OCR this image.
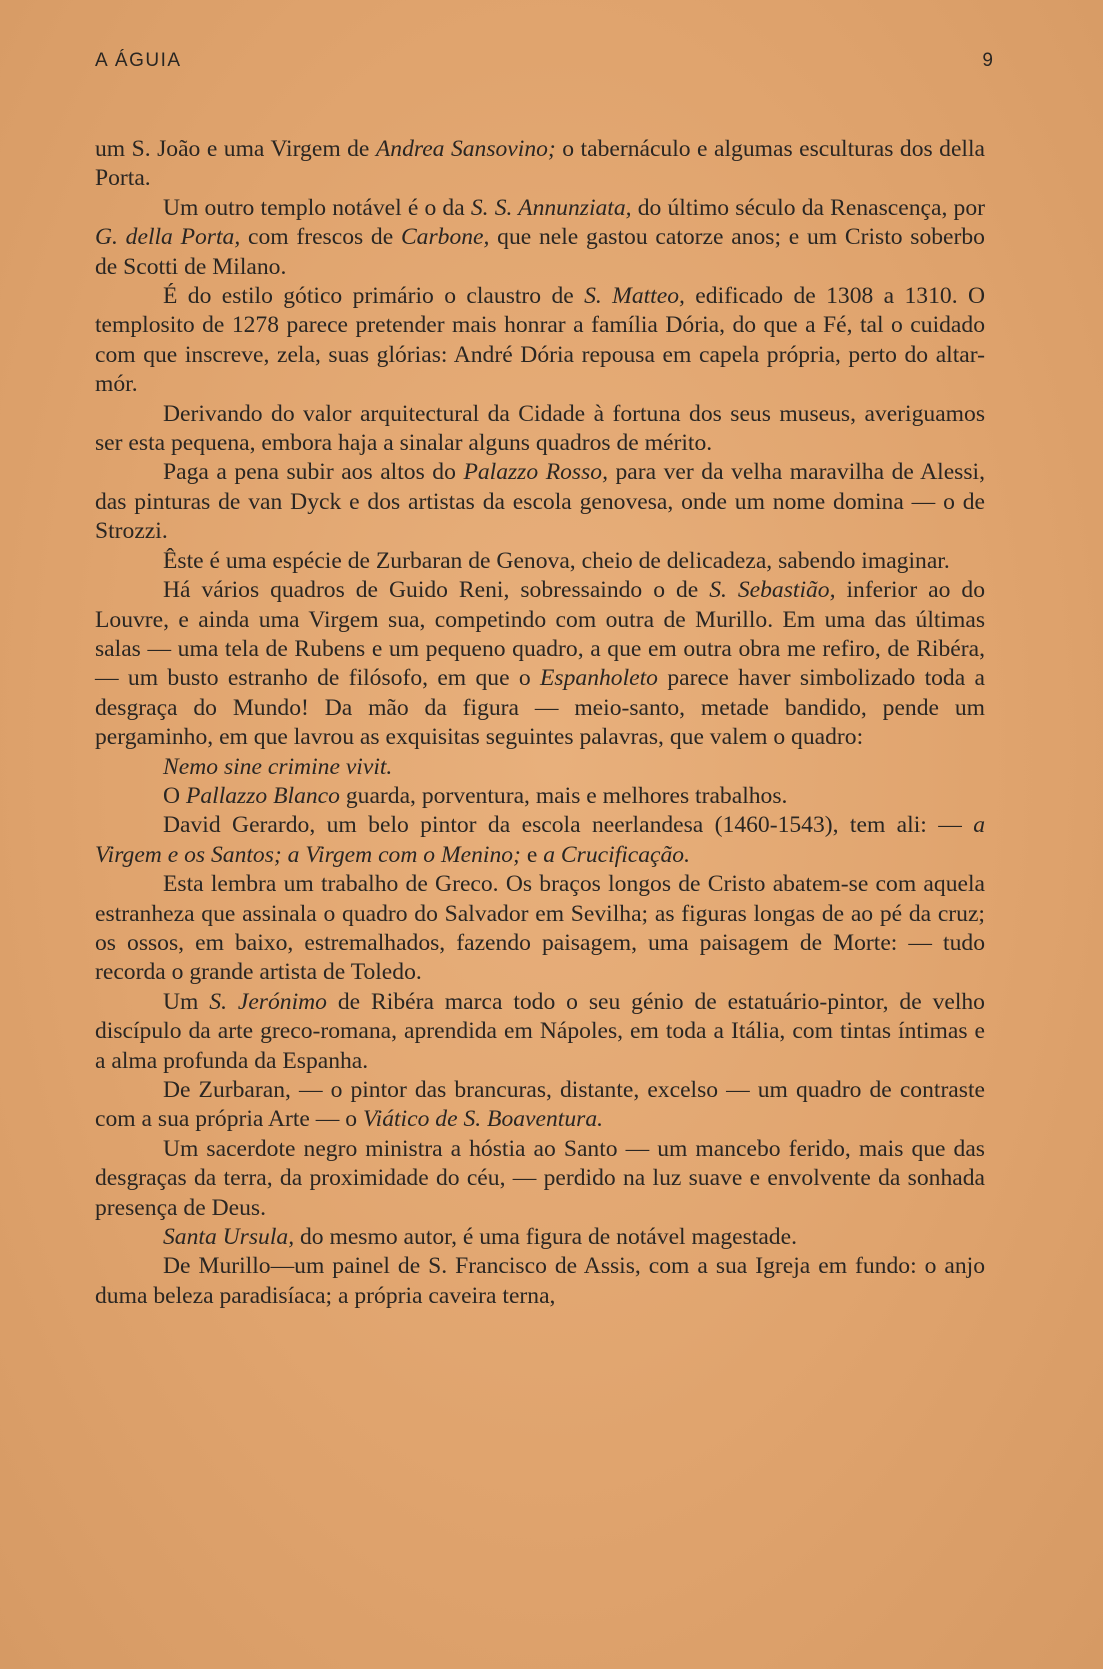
A ÁGUIA	9

um S. João e uma Virgem de Andrea Sansovino; o tabernáculo e algumas esculturas dos della Porta.

Um outro templo notável é o da S. S. Annunziata, do último século da Renascença, por G. della Porta, com frescos de Carbone, que nele gastou catorze anos; e um Cristo soberbo de Scotti de Milano.

É do estilo gótico primário o claustro de S. Matteo, edificado de 1308 a 1310. O templosito de 1278 parece pretender mais honrar a família Dória, do que a Fé, tal o cuidado com que inscreve, zela, suas glórias: André Dória repousa em capela própria, perto do altar-mór.

Derivando do valor arquitectural da Cidade à fortuna dos seus museus, averiguamos ser esta pequena, embora haja a sinalar alguns quadros de mérito.

Paga a pena subir aos altos do Palazzo Rosso, para ver da velha maravilha de Alessi, das pinturas de van Dyck e dos artistas da escola genovesa, onde um nome domina — o de Strozzi.

Êste é uma espécie de Zurbaran de Genova, cheio de delicadeza, sabendo imaginar.

Há vários quadros de Guido Reni, sobressaindo o de S. Sebastião, inferior ao do Louvre, e ainda uma Virgem sua, competindo com outra de Murillo. Em uma das últimas salas — uma tela de Rubens e um pequeno quadro, a que em outra obra me refiro, de Ribéra, — um busto estranho de filósofo, em que o Espanholeto parece haver simbolizado toda a desgraça do Mundo! Da mão da figura — meio-santo, metade bandido, pende um pergaminho, em que lavrou as exquisitas seguintes palavras, que valem o quadro:

Nemo sine crimine vivit.

O Pallazzo Blanco guarda, porventura, mais e melhores trabalhos.

David Gerardo, um belo pintor da escola neerlandesa (1460-1543), tem ali: — a Virgem e os Santos; a Virgem com o Menino; e a Crucificação.

Esta lembra um trabalho de Greco. Os braços longos de Cristo abatem-se com aquela estranheza que assinala o quadro do Salvador em Sevilha; as figuras longas de ao pé da cruz; os ossos, em baixo, estremalhados, fazendo paisagem, uma paisagem de Morte: — tudo recorda o grande artista de Toledo.

Um S. Jerónimo de Ribéra marca todo o seu génio de estatuário-pintor, de velho discípulo da arte greco-romana, aprendida em Nápoles, em toda a Itália, com tintas íntimas e a alma profunda da Espanha.

De Zurbaran, — o pintor das brancuras, distante, excelso — um quadro de contraste com a sua própria Arte — o Viático de S. Boaventura.

Um sacerdote negro ministra a hóstia ao Santo — um mancebo ferido, mais que das desgraças da terra, da proximidade do céu, — perdido na luz suave e envolvente da sonhada presença de Deus.

Santa Ursula, do mesmo autor, é uma figura de notável magestade.

De Murillo—um painel de S. Francisco de Assis, com a sua Igreja em fundo: o anjo duma beleza paradisíaca; a própria caveira terna,
